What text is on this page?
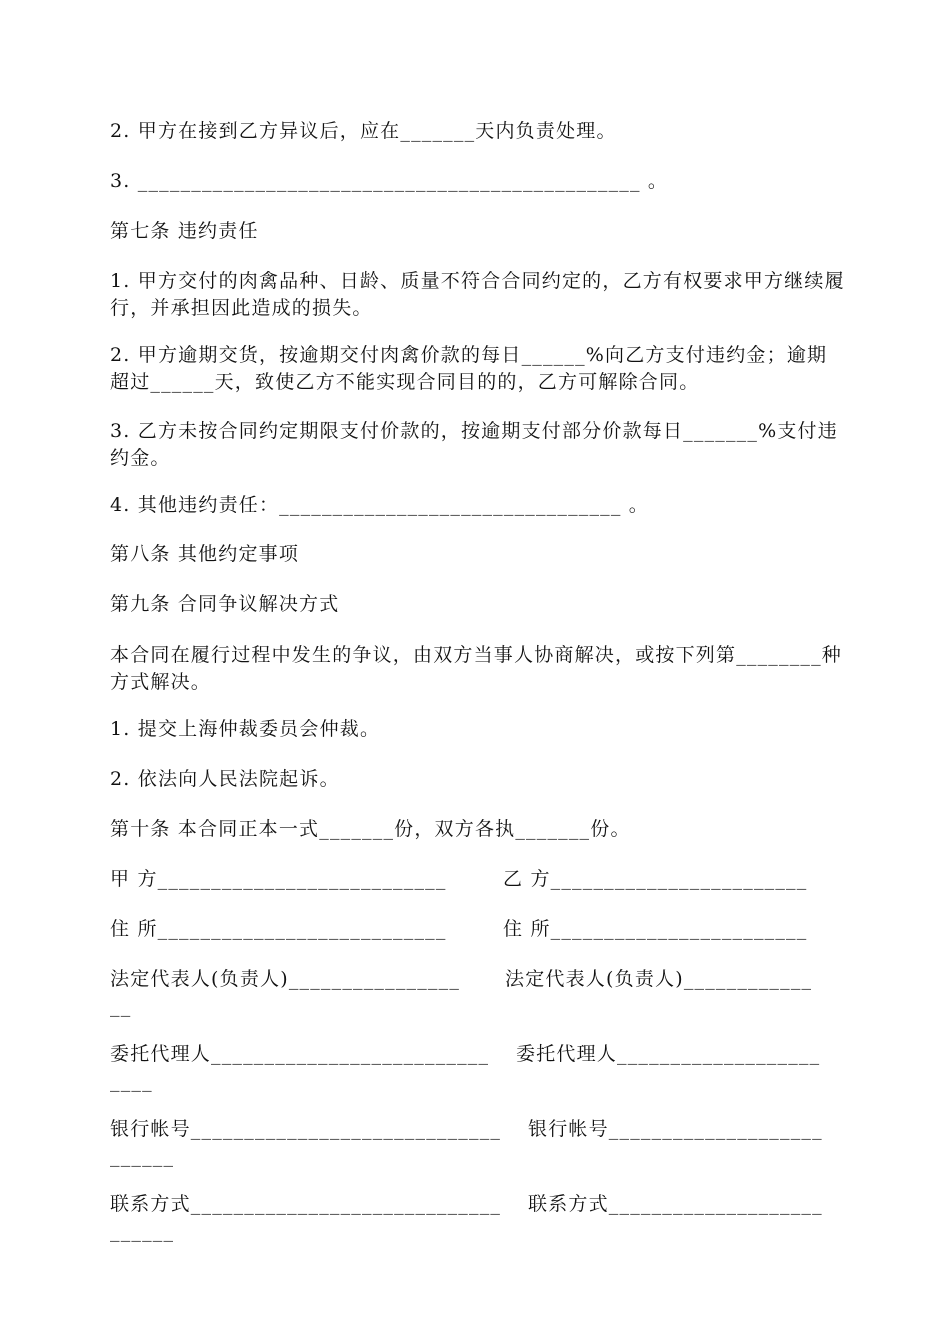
2. 甲方在接到乙方异议后，应在_______天内负责处理。

3. _______________________________________________ 。

第七条 违约责任

1. 甲方交付的肉禽品种、日龄、质量不符合合同约定的，乙方有权要求甲方继续履行，并承担因此造成的损失。

2. 甲方逾期交货，按逾期交付肉禽价款的每日______%向乙方支付违约金；逾期超过______天，致使乙方不能实现合同目的的，乙方可解除合同。

3. 乙方未按合同约定期限支付价款的，按逾期支付部分价款每日_______%支付违约金。

4. 其他违约责任：________________________________ 。

第八条 其他约定事项

第九条 合同争议解决方式

本合同在履行过程中发生的争议，由双方当事人协商解决，或按下列第________种方式解决。

1. 提交上海仲裁委员会仲裁。

2. 依法向人民法院起诉。

第十条 本合同正本一式_______份，双方各执_______份。

甲 方___________________________	乙 方________________________
住 所___________________________	住 所________________________
法定代表人(负责人)________________ 法定代表人(负责人)____________
__
委托代理人__________________________ 委托代理人___________________
____
银行帐号_____________________________ 银行帐号____________________
______
联系方式_____________________________ 联系方式____________________
______
